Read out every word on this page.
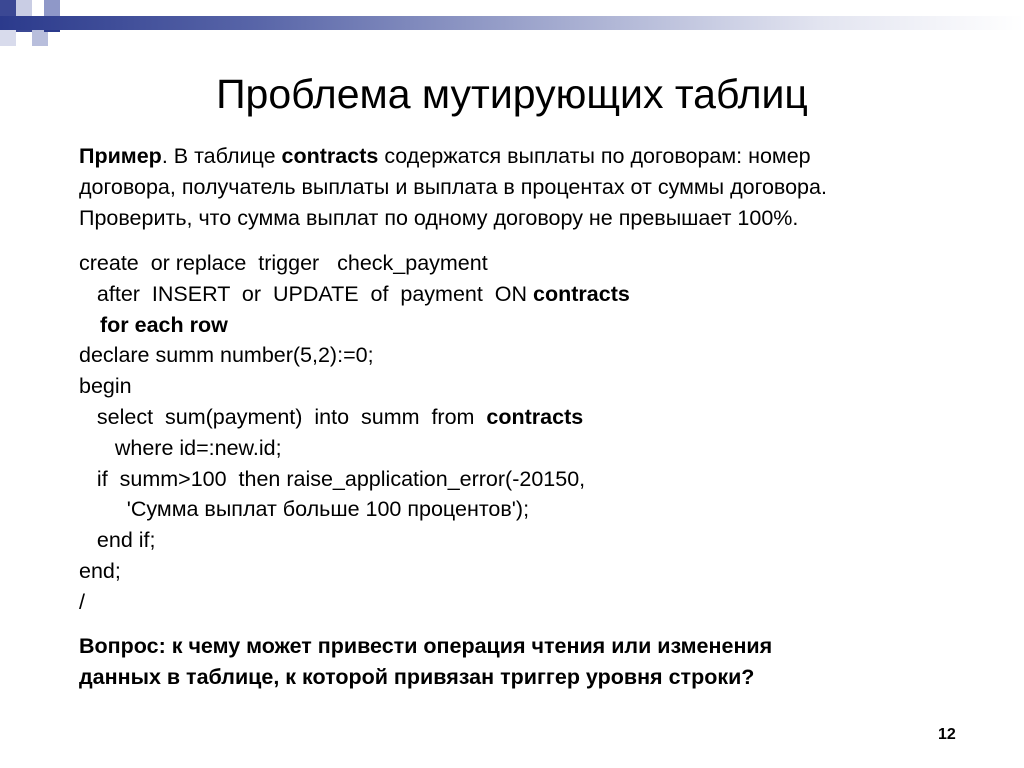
Проблема мутирующих таблиц
Пример. В таблице contracts содержатся выплаты по договорам: номер
договора, получатель выплаты и выплата в процентах от суммы договора.
Проверить, что сумма выплат по одному договору не превышает 100%.
create  or replace  trigger   check_payment
after  INSERT  or  UPDATE  of  payment  ON contracts
for each row
declare summ number(5,2):=0;
begin
select  sum(payment)  into  summ  from  contracts
where id=:new.id;
if  summ>100  then raise_application_error(-20150,
'Сумма выплат больше 100 процентов');
end if;
end;
/
Вопрос: к чему может привести операция чтения или изменения
данных в таблице, к которой привязан триггер уровня строки?
12
